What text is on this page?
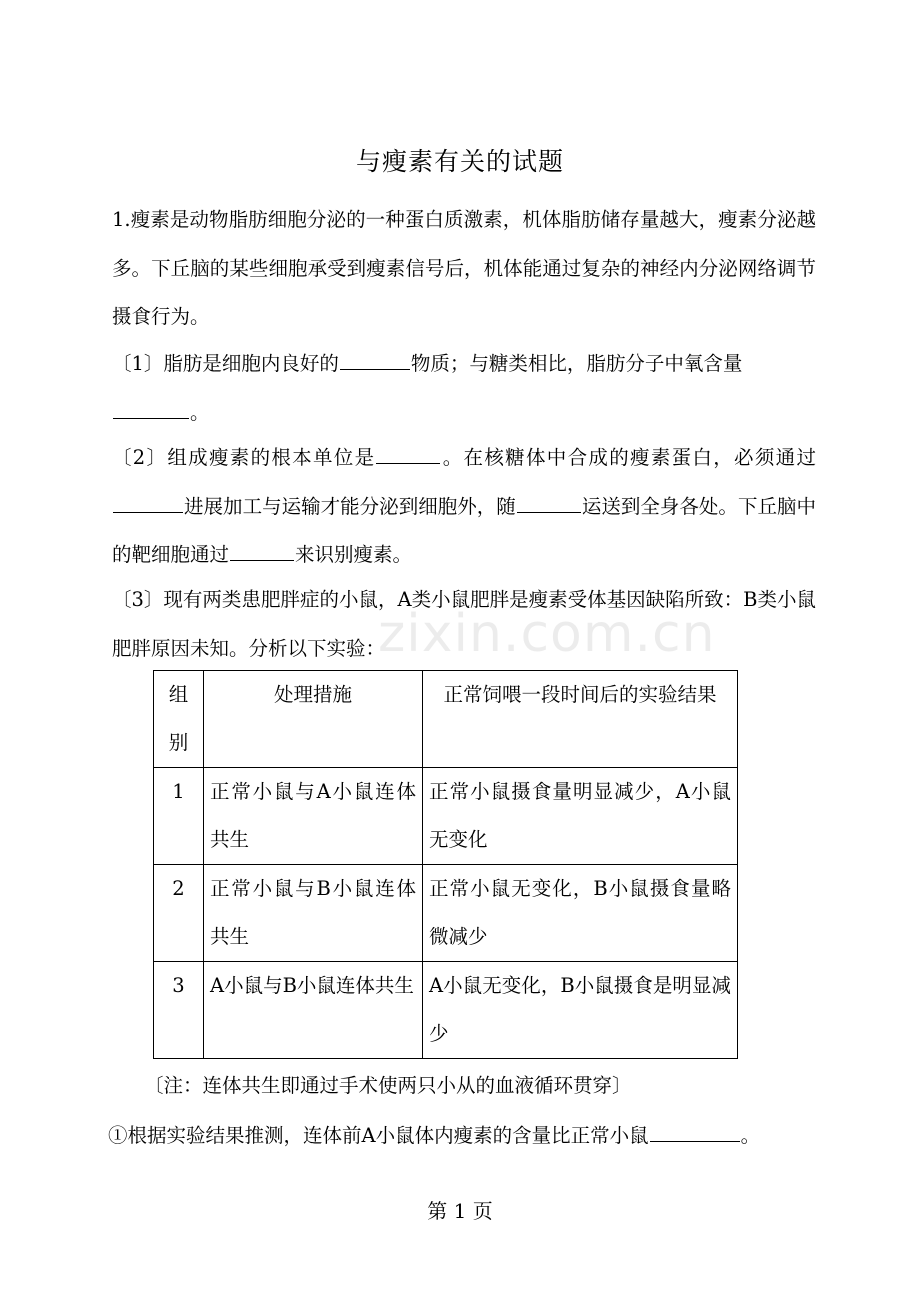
与瘦素有关的试题
1.瘦素是动物脂肪细胞分泌的一种蛋白质激素，机体脂肪储存量越大，瘦素分泌越多。下丘脑的某些细胞承受到瘦素信号后，机体能通过复杂的神经内分泌网络调节摄食行为。
〔1〕脂肪是细胞内良好的	物质；与糖类相比，脂肪分子中氧含量
。
〔2〕组成瘦素的根本单位是	。在核糖体中合成的瘦素蛋白，必须通过进展加工与运输才能分泌到细胞外，随	运送到全身各处。下丘脑中的靶细胞通过	来识别瘦素。
〔3〕现有两类患肥胖症的小鼠，A类小鼠肥胖是瘦素受体基因缺陷所致：B类小鼠肥胖原因未知。分析以下实验：
zixin.com.cn
组别	处理措施	正常饲喂一段时间后的实验结果
1	正常小鼠与A小鼠连体共生	正常小鼠摄食量明显减少，A小鼠无变化
2	正常小鼠与B小鼠连体共生	正常小鼠无变化，B小鼠摄食量略微减少
3	A小鼠与B小鼠连体共生	A小鼠无变化，B小鼠摄食是明显减少
〔注：连体共生即通过手术使两只小从的血液循环贯穿〕
①根据实验结果推测，连体前A小鼠体内瘦素的含量比正常小鼠	。
第 1 页
